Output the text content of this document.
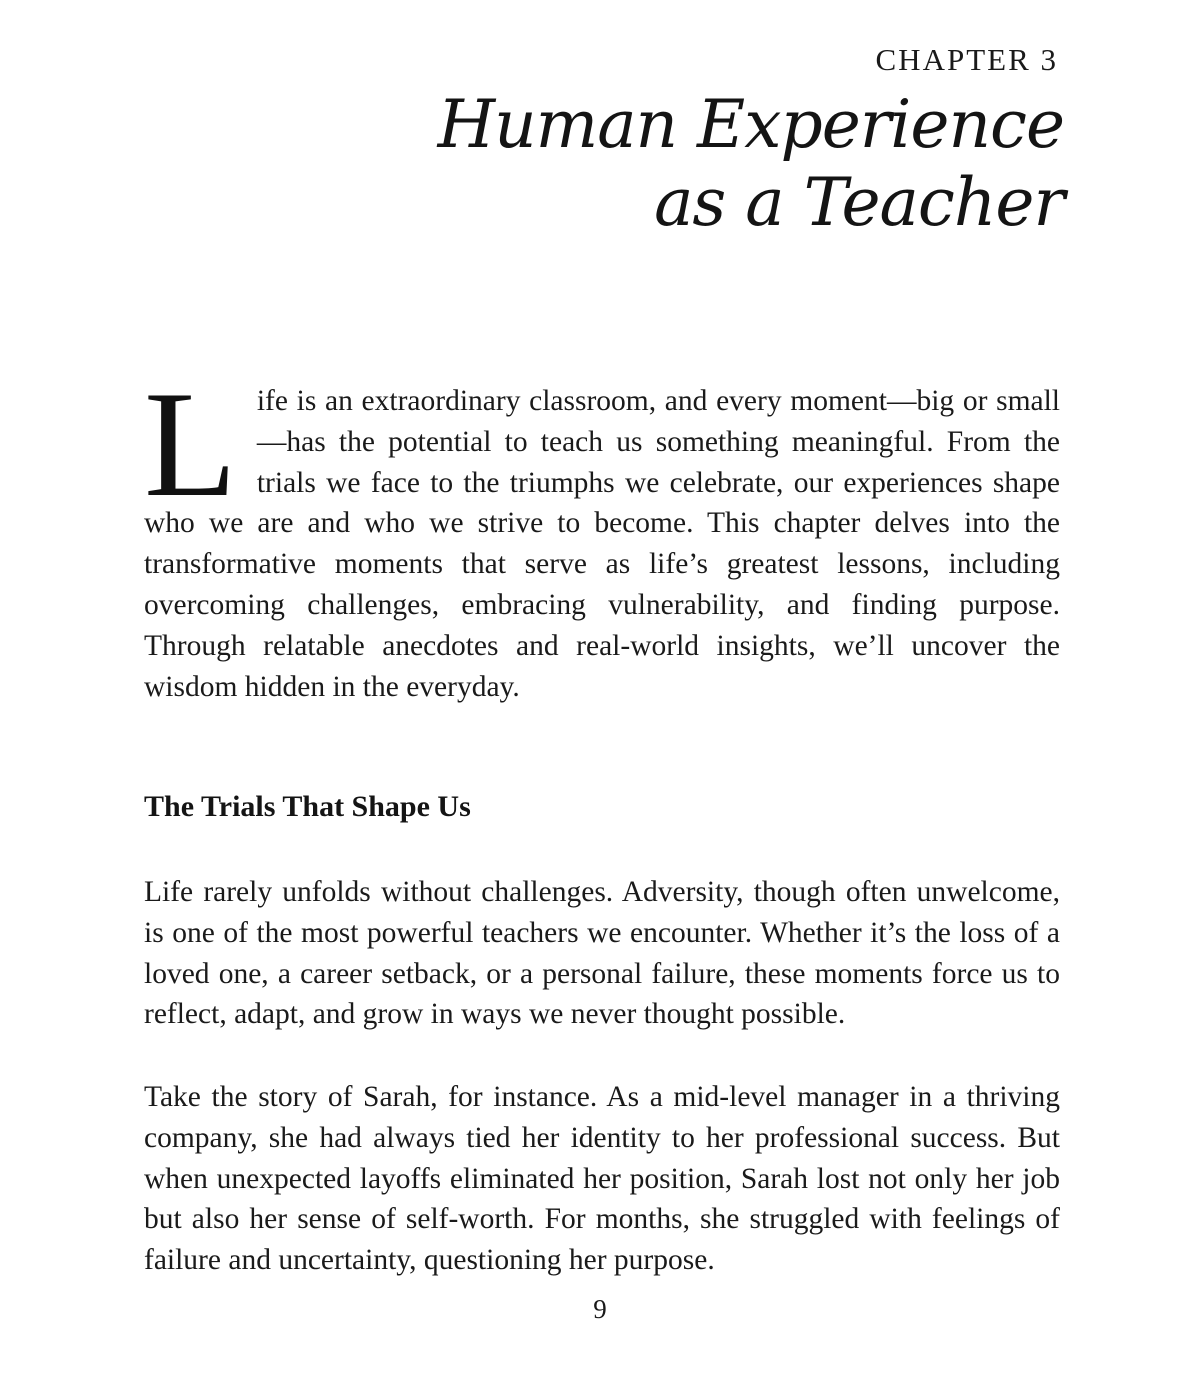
CHAPTER 3
Human Experience as a Teacher
Life is an extraordinary classroom, and every moment—big or small—has the potential to teach us something meaningful. From the trials we face to the triumphs we celebrate, our experiences shape who we are and who we strive to become. This chapter delves into the transformative moments that serve as life’s greatest lessons, including overcoming challenges, embracing vulnerability, and finding purpose. Through relatable anecdotes and real-world insights, we’ll uncover the wisdom hidden in the everyday.
The Trials That Shape Us
Life rarely unfolds without challenges. Adversity, though often unwelcome, is one of the most powerful teachers we encounter. Whether it’s the loss of a loved one, a career setback, or a personal failure, these moments force us to reflect, adapt, and grow in ways we never thought possible.
Take the story of Sarah, for instance. As a mid-level manager in a thriving company, she had always tied her identity to her professional success. But when unexpected layoffs eliminated her position, Sarah lost not only her job but also her sense of self-worth. For months, she struggled with feelings of failure and uncertainty, questioning her purpose.
9
